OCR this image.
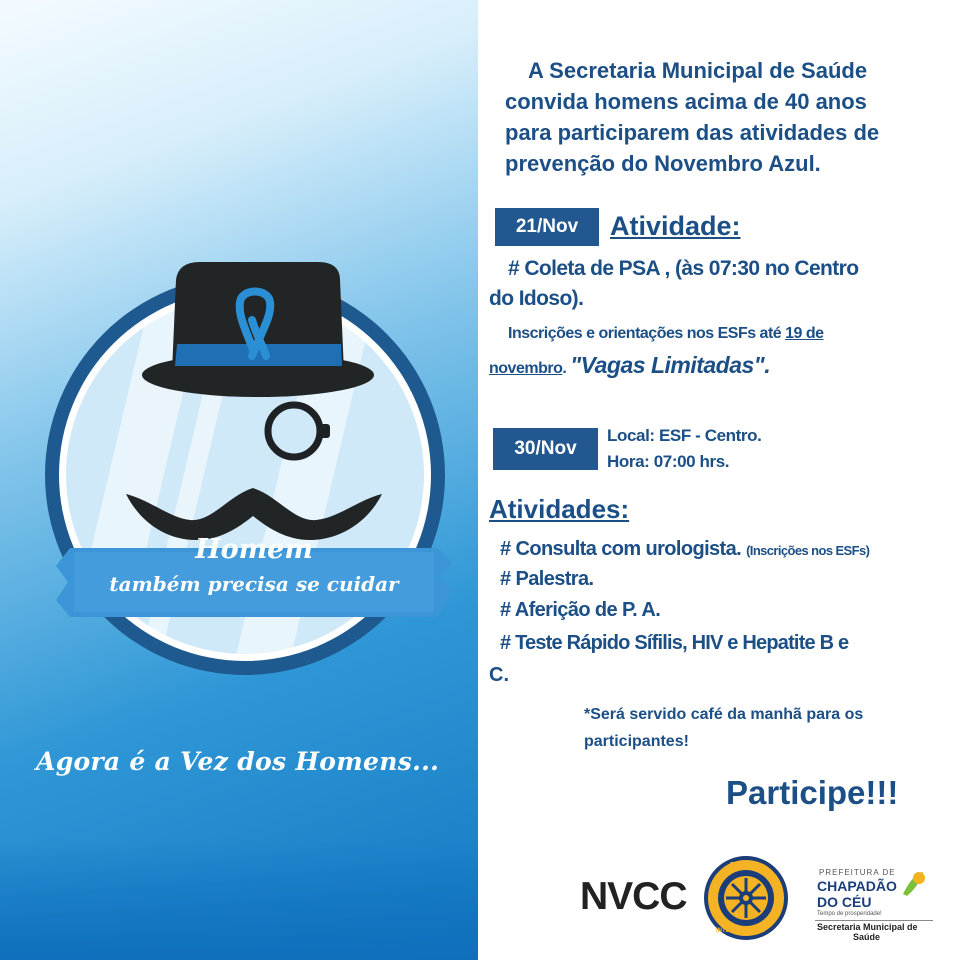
Homem
também precisa se cuidar
Agora é a Vez dos Homens...
A Secretaria Municipal de Saúde
convida homens acima de 40 anos
para participarem das atividades de
prevenção do Novembro Azul.
21/Nov	Atividade:
# Coleta de PSA , (às 07:30 no Centro
do Idoso).
Inscrições e orientações nos ESFs até 19 de
novembro. "Vagas Limitadas".
30/Nov
Local: ESF - Centro.
Hora: 07:00 hrs.
Atividades:
# Consulta com urologista. (Inscrições nos ESFs)
# Palestra.
# Aferição de P. A.
# Teste Rápido Sífilis, HIV e Hepatite B e
C.
*Será servido café da manhã para os
participantes!
Participe!!!
NVCC
ROTARY
INTERNATIONAL
PREFEITURA DE
CHAPADÃO
DO CÉU
Tempo de prosperidade!
Secretaria Municipal de
Saúde
